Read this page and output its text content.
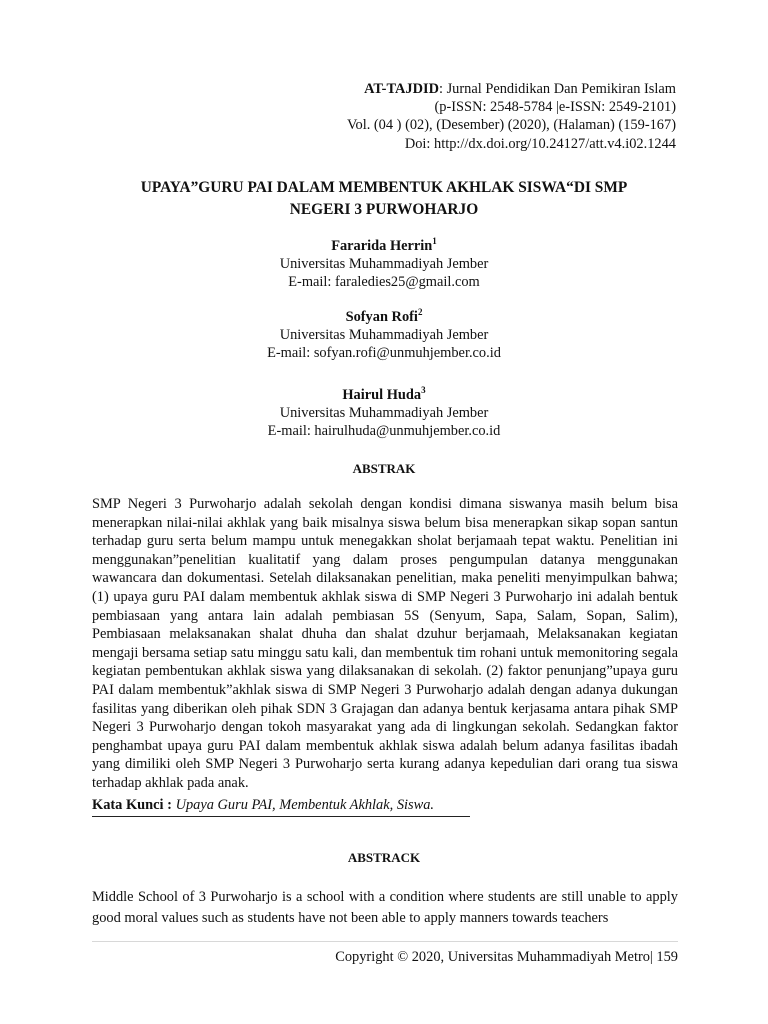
AT-TAJDID: Jurnal Pendidikan Dan Pemikiran Islam
(p-ISSN: 2548-5784 |e-ISSN: 2549-2101)
Vol. (04 ) (02), (Desember) (2020), (Halaman) (159-167)
Doi: http://dx.doi.org/10.24127/att.v4.i02.1244
UPAYA”GURU PAI DALAM MEMBENTUK AKHLAK SISWA“DI SMP
NEGERI 3 PURWOHARJO
Fararida Herrin$^1$
Universitas Muhammadiyah Jember
E-mail: faraledies25@gmail.com
Sofyan Rofi$^2$
Universitas Muhammadiyah Jember
E-mail: sofyan.rofi@unmuhjember.co.id
Hairul Huda$^3$
Universitas Muhammadiyah Jember
E-mail: hairulhuda@unmuhjember.co.id
ABSTRAK
SMP Negeri 3 Purwoharjo adalah sekolah dengan kondisi dimana siswanya masih belum bisa menerapkan nilai-nilai akhlak yang baik misalnya siswa belum bisa menerapkan sikap sopan santun terhadap guru serta belum mampu untuk menegakkan sholat berjamaah tepat waktu. Penelitian ini menggunakan”penelitian kualitatif yang dalam proses pengumpulan datanya menggunakan wawancara dan dokumentasi. Setelah dilaksanakan penelitian, maka peneliti menyimpulkan bahwa; (1) upaya guru PAI dalam membentuk akhlak siswa di SMP Negeri 3 Purwoharjo ini adalah bentuk pembiasaan yang antara lain adalah pembiasan 5S (Senyum, Sapa, Salam, Sopan, Salim), Pembiasaan melaksanakan shalat dhuha dan shalat dzuhur berjamaah, Melaksanakan kegiatan mengaji bersama setiap satu minggu satu kali, dan membentuk tim rohani untuk memonitoring segala kegiatan pembentukan akhlak siswa yang dilaksanakan di sekolah. (2) faktor penunjang”upaya guru PAI dalam membentuk”akhlak siswa di SMP Negeri 3 Purwoharjo adalah dengan adanya dukungan fasilitas yang diberikan oleh pihak SDN 3 Grajagan dan adanya bentuk kerjasama antara pihak SMP Negeri 3 Purwoharjo dengan tokoh masyarakat yang ada di lingkungan sekolah. Sedangkan faktor penghambat upaya guru PAI dalam membentuk akhlak siswa adalah belum adanya fasilitas ibadah yang dimiliki oleh SMP Negeri 3 Purwoharjo serta kurang adanya kepedulian dari orang tua siswa terhadap akhlak pada anak.
Kata Kunci : Upaya Guru PAI, Membentuk Akhlak, Siswa.
ABSTRACK
Middle School of 3 Purwoharjo is a school with a condition where students are still unable to apply good moral values such as students have not been able to apply manners towards teachers
Copyright © 2020, Universitas Muhammadiyah Metro| 159
